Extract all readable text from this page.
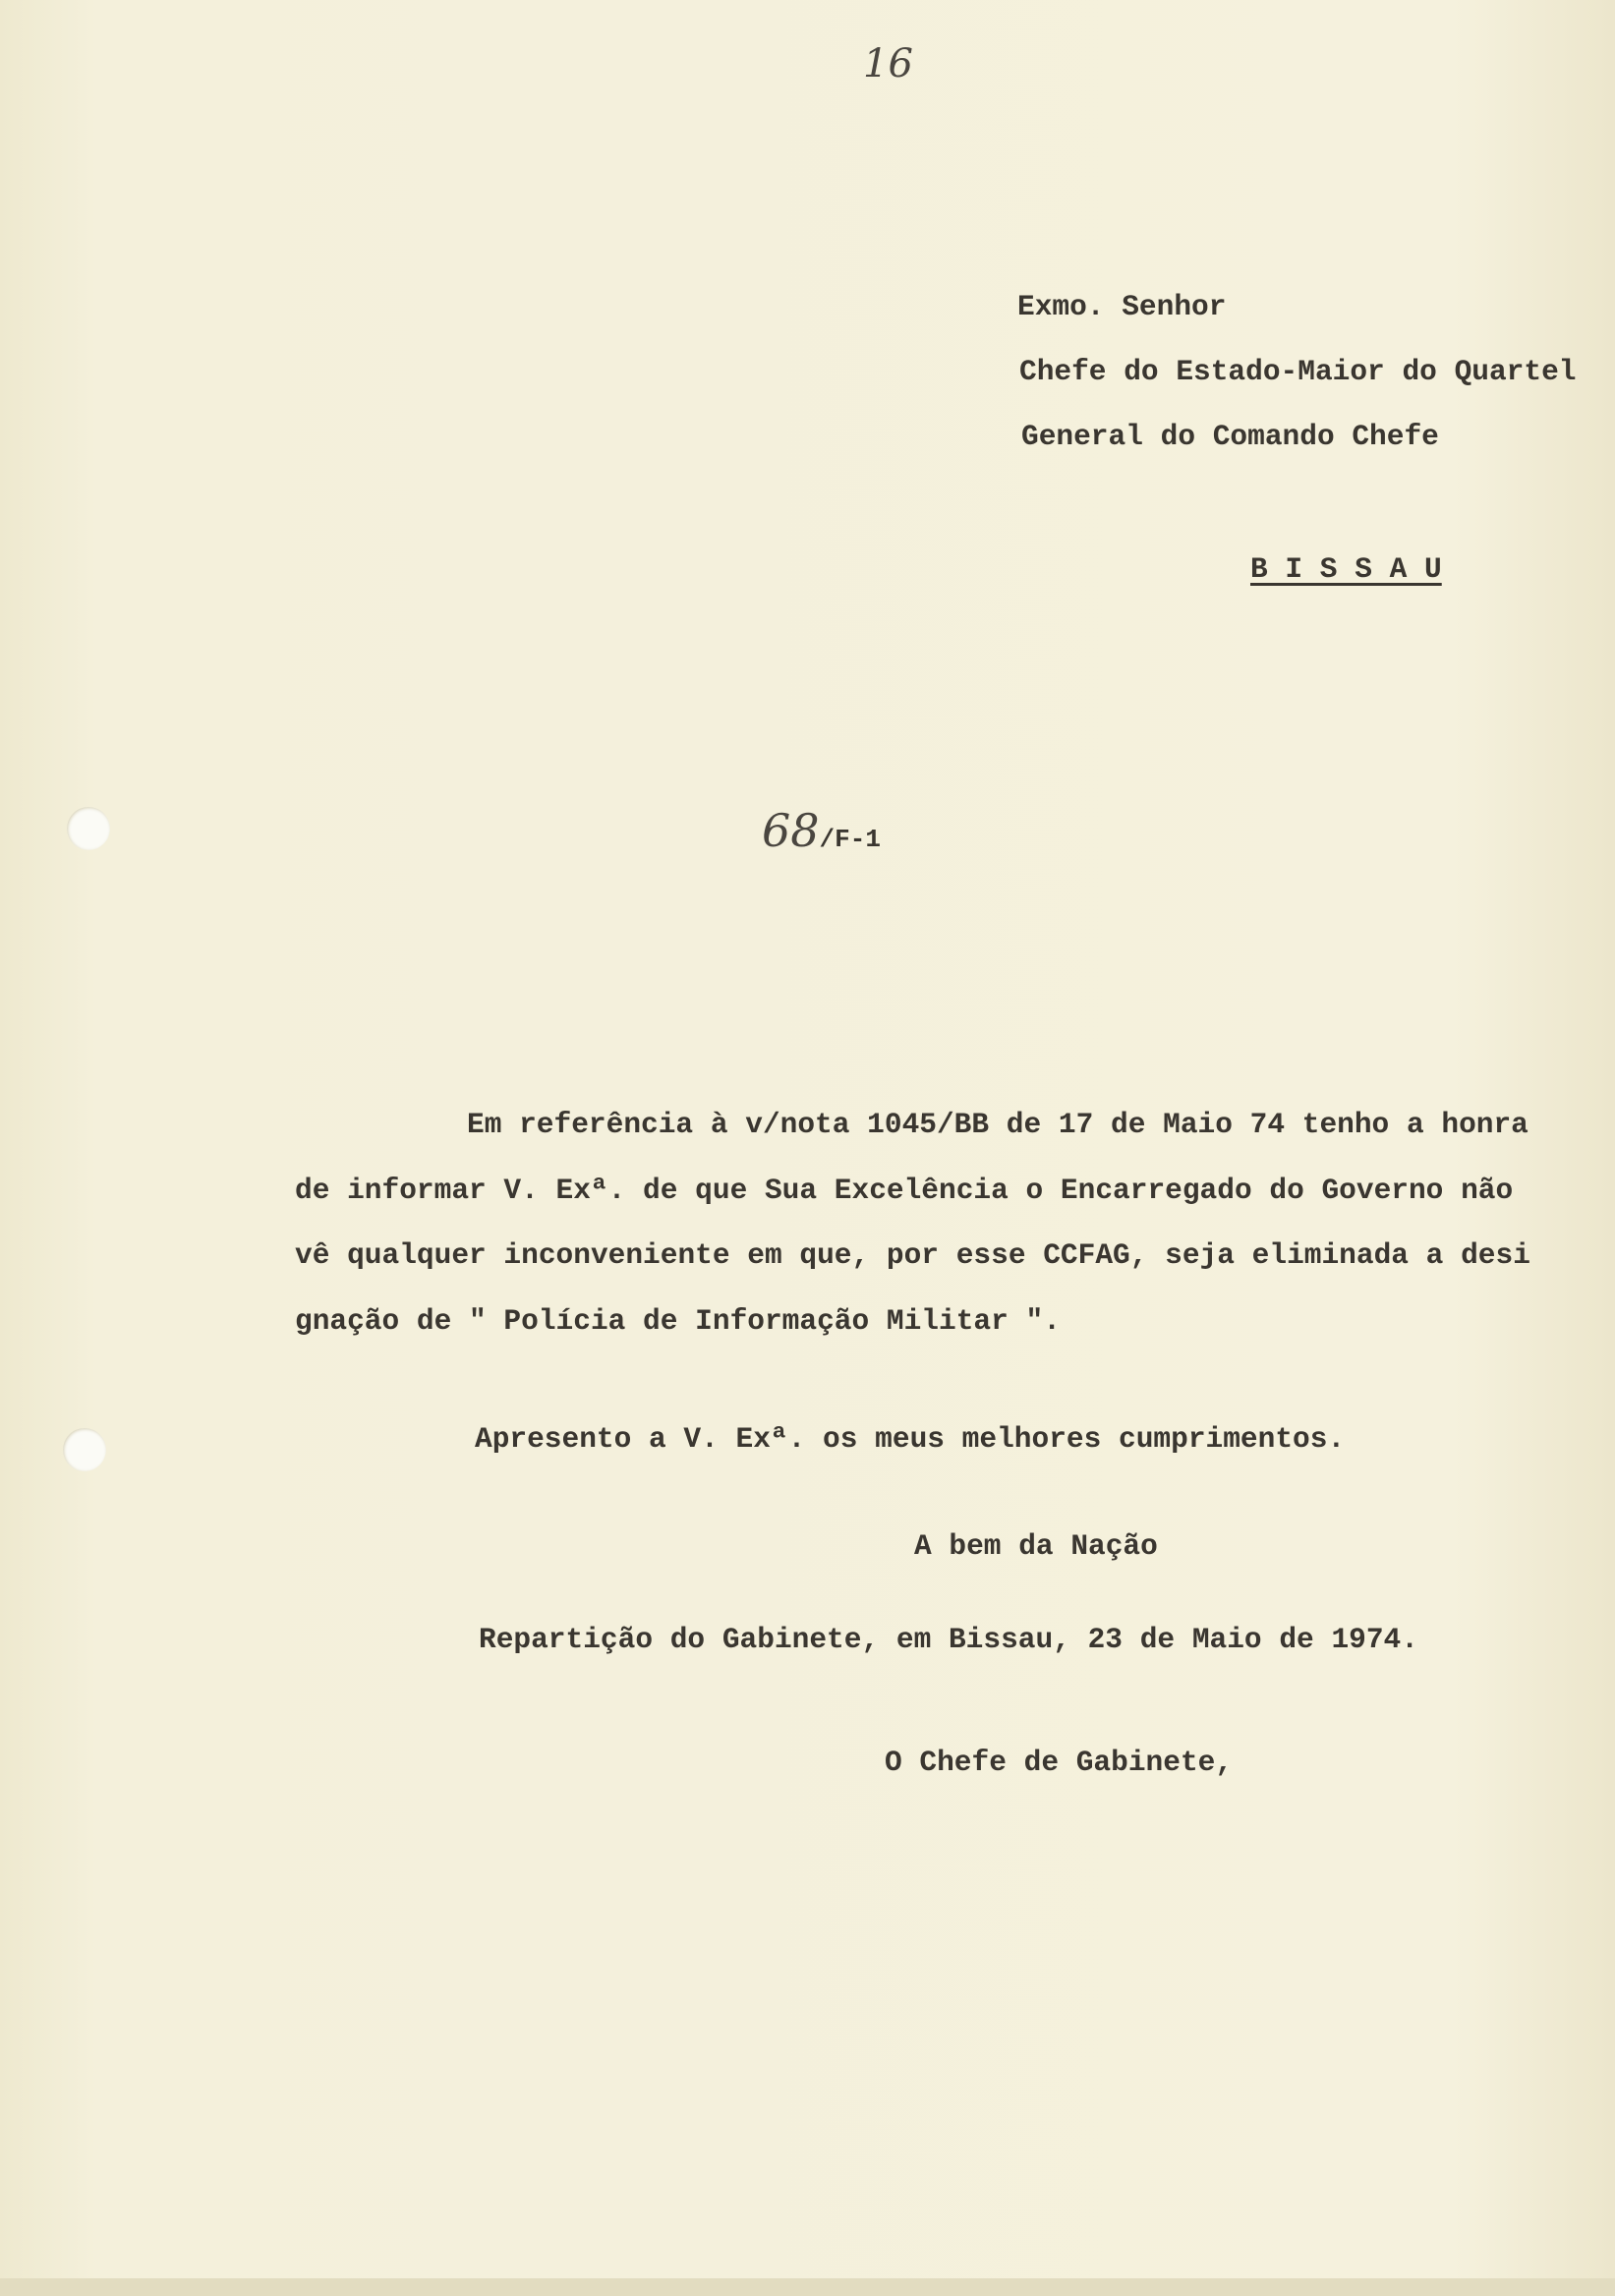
16
Exmo. Senhor
Chefe do Estado-Maior do Quartel
General do Comando Chefe
B I S S A U
68/F-1
Em referência à v/nota 1045/BB de 17 de Maio 74 tenho a honra
de informar V. Exª. de que Sua Excelência o Encarregado do Governo não
vê qualquer inconveniente em que, por esse CCFAG, seja eliminada a desi
gnação de " Polícia de Informação Militar ".
Apresento a V. Exª. os meus melhores cumprimentos.
A bem da Nação
Repartição do Gabinete, em Bissau, 23 de Maio de 1974.
O Chefe de Gabinete,
